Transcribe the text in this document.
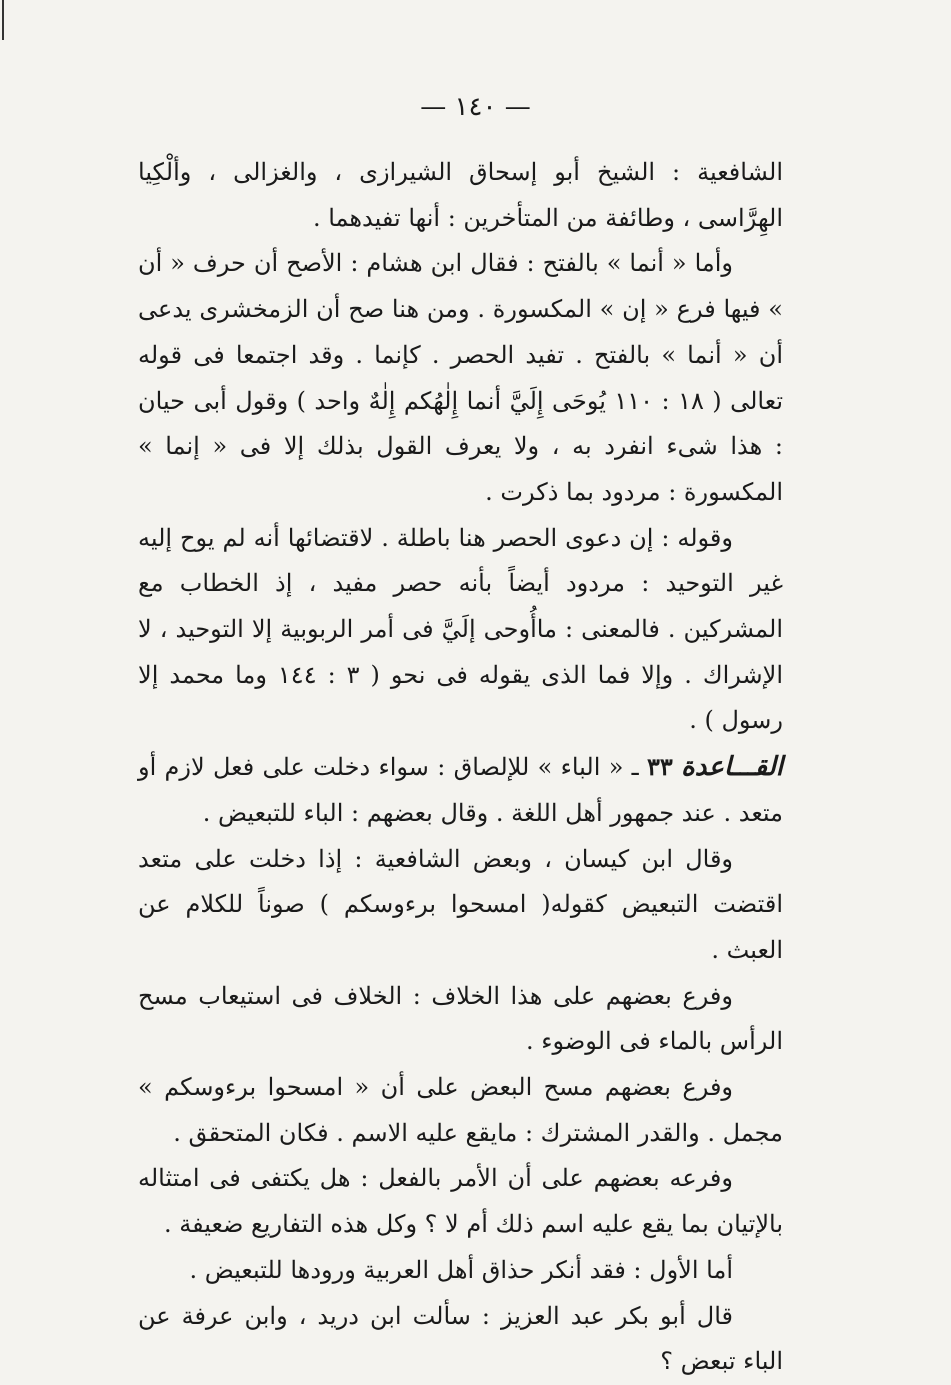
— ١٤٠ —

الشافعية : الشيخ أبو إسحاق الشيرازى ، والغزالى ، وألْكِيا الهِرَّاسى ، وطائفة من المتأخرين : أنها تفيدهما .

وأما « أنما » بالفتح : فقال ابن هشام : الأصح أن حرف « أن » فيها فرع « إن » المكسورة . ومن هنا صح أن الزمخشرى يدعى أن « أنما » بالفتح . تفيد الحصر . كإنما . وقد اجتمعا فى قوله تعالى ( ١٨ : ١١٠ يُوحَى إِلَيَّ أنما إِلٰهُكم إِلٰهٌ واحد ) وقول أبى حيان : هذا شىء انفرد به ، ولا يعرف القول بذلك إلا فى « إنما » المكسورة : مردود بما ذكرت .

وقوله : إن دعوى الحصر هنا باطلة . لاقتضائها أنه لم يوح إليه غير التوحيد : مردود أيضاً بأنه حصر مفيد ، إذ الخطاب مع المشركين . فالمعنى : ماأُوحى إلَيَّ فى أمر الربوبية إلا التوحيد ، لا الإشراك . وإلا فما الذى يقوله فى نحو ( ٣ : ١٤٤ وما محمد إلا رسول ) .

القـــاعدة ٣٣ ـ « الباء » للإلصاق : سواء دخلت على فعل لازم أو متعد . عند جمهور أهل اللغة . وقال بعضهم : الباء للتبعيض .

وقال ابن كيسان ، وبعض الشافعية : إذا دخلت على متعد اقتضت التبعيض كقوله( امسحوا برءوسكم ) صوناً للكلام عن العبث .

وفرع بعضهم على هذا الخلاف : الخلاف فى استيعاب مسح الرأس بالماء فى الوضوء .

وفرع بعضهم مسح البعض على أن « امسحوا برءوسكم » مجمل . والقدر المشترك : مايقع عليه الاسم . فكان المتحقق .

وفرعه بعضهم على أن الأمر بالفعل : هل يكتفى فى امتثاله بالإتيان بما يقع عليه اسم ذلك أم لا ؟ وكل هذه التفاريع ضعيفة .

أما الأول : فقد أنكر حذاق أهل العربية ورودها للتبعيض .

قال أبو بكر عبد العزيز : سألت ابن دريد ، وابن عرفة عن الباء تبعض ؟
